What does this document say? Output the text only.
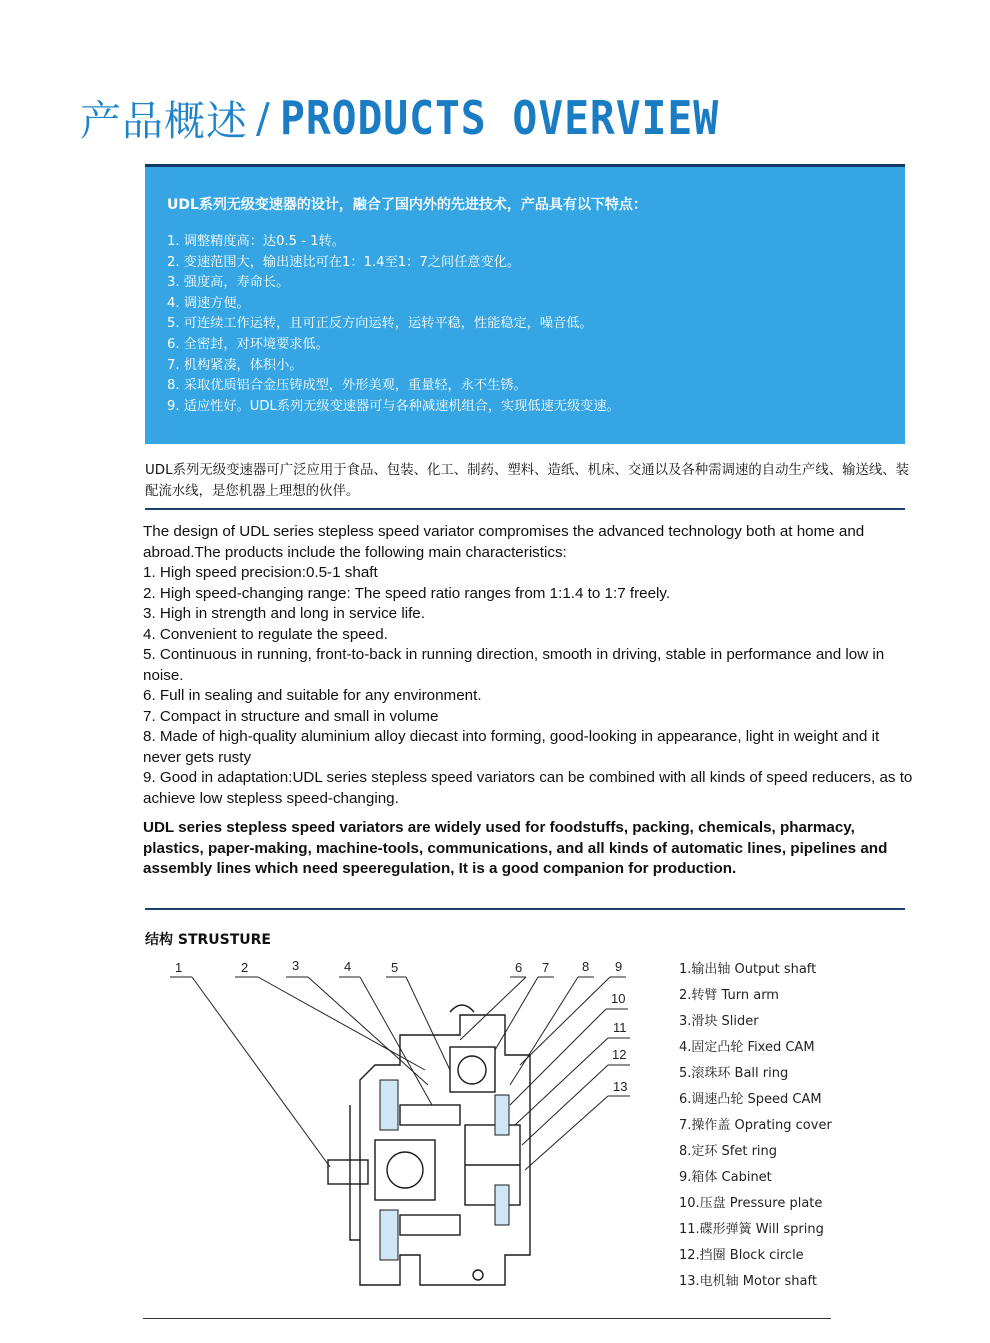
产品概述 / PRODUCTS OVERVIEW
UDL系列无级变速器的设计，融合了国内外的先进技术，产品具有以下特点：
1. 调整精度高：达0.5 - 1转。
2. 变速范围大，输出速比可在1：1.4至1：7之间任意变化。
3. 强度高，寿命长。
4. 调速方便。
5. 可连续工作运转，且可正反方向运转，运转平稳，性能稳定，噪音低。
6. 全密封，对环境要求低。
7. 机构紧凑，体积小。
8. 采取优质铝合金压铸成型，外形美观，重量轻，永不生锈。
9. 适应性好。UDL系列无级变速器可与各种减速机组合，实现低速无级变速。
UDL系列无级变速器可广泛应用于食品、包装、化工、制药、塑料、造纸、机床、交通以及各种需调速的自动生产线、输送线、装配流水线，是您机器上理想的伙伴。

The design of UDL series stepless speed variator compromises the advanced technology both at home and abroad.The products include the following main characteristics:

1. High speed precision:0.5-1 shaft

2. High speed-changing range: The speed ratio ranges from 1:1.4 to 1:7 freely.

3. High in strength and long in service life.

4. Convenient to regulate the speed.

5. Continuous in running, front-to-back in running direction, smooth in driving, stable in performance and low in noise.

6. Full in sealing and suitable for any environment.

7. Compact in structure and small in volume

8. Made of high-quality aluminium alloy diecast into forming, good-looking in appearance, light in weight and it never gets rusty

9. Good in adaptation:UDL series stepless speed variators can be combined with all kinds of speed reducers, as to achieve low stepless speed-changing.

UDL series stepless speed variators are widely used for foodstuffs, packing, chemicals, pharmacy, plastics, paper-making, machine-tools, communications, and all kinds of automatic lines, pipelines and assembly lines which need speeregulation, It is a good companion for production.
结构 STRUSTURE
1	2	3	4	5	6 7	8 9
10
11
12
13
1.输出轴 Output shaft
2.转臂 Turn arm
3.滑块 Slider
4.固定凸轮 Fixed CAM
5.滚珠环 Ball ring
6.调速凸轮 Speed CAM
7.操作盖 Oprating cover
8.定环 Sfet ring
9.箱体 Cabinet
10.压盘 Pressure plate
11.碟形弹簧 Will spring
12.挡圈 Block circle
13.电机轴 Motor shaft
